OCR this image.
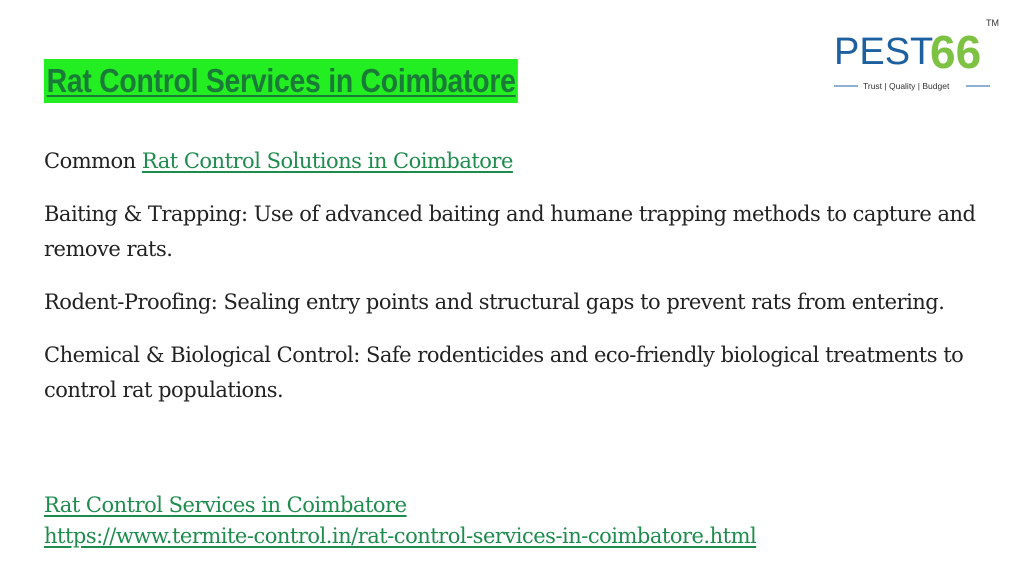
Rat Control Services in Coimbatore
PEST
66
TM
Trust | Quality | Budget

Common Rat Control Solutions in Coimbatore

Baiting & Trapping: Use of advanced baiting and humane trapping methods to capture and remove rats.

Rodent-Proofing: Sealing entry points and structural gaps to prevent rats from entering.

Chemical & Biological Control: Safe rodenticides and eco-friendly biological treatments to control rat populations.

Rat Control Services in Coimbatore
https://www.termite-control.in/rat-control-services-in-coimbatore.html
